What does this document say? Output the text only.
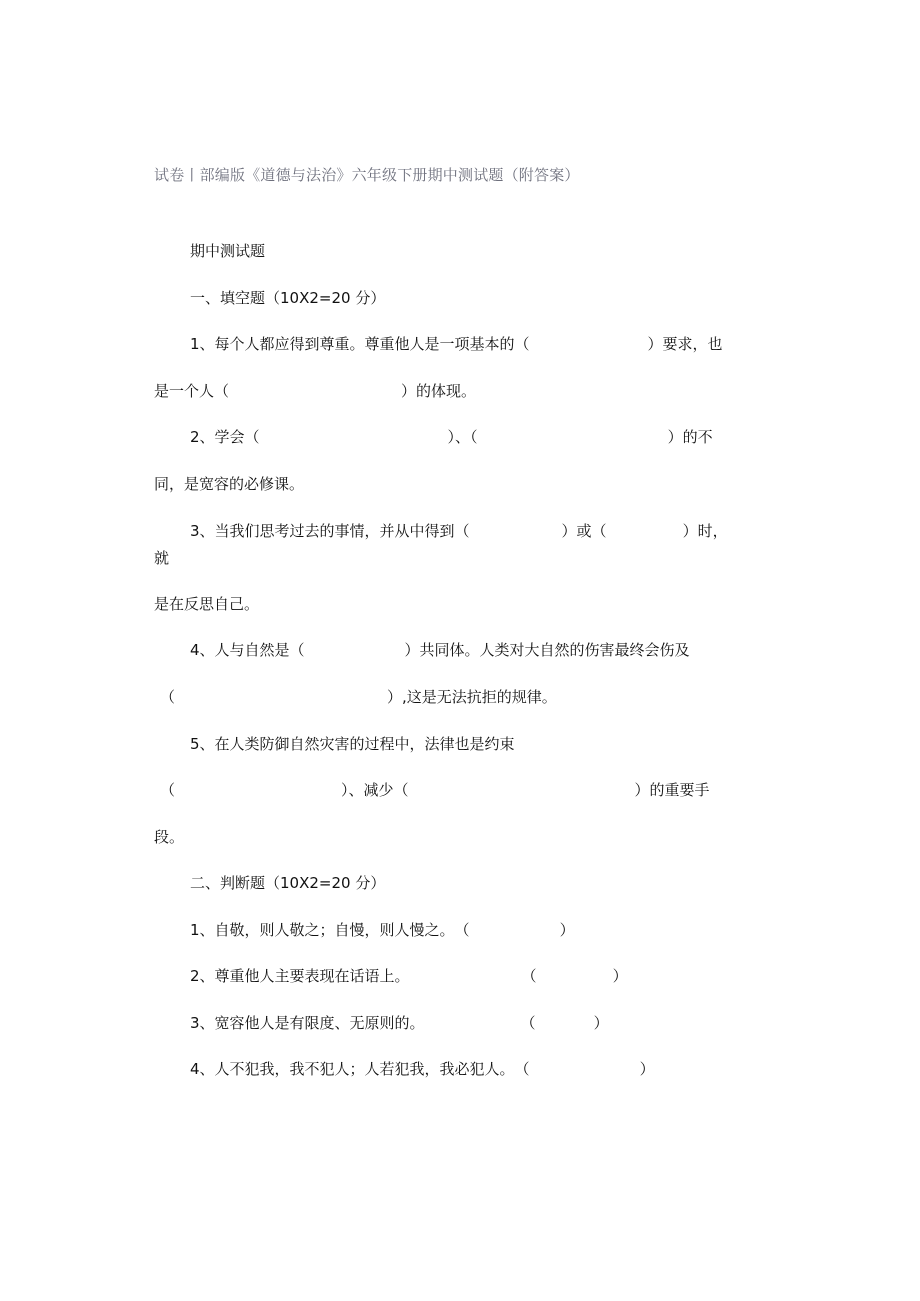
试卷丨部编版《道德与法治》六年级下册期中测试题（附答案）
期中测试题
一、填空题（10X2=20 分）
1、每个人都应得到尊重。尊重他人是一项基本的（	）要求，也
是一个人（	）的体现。
2、学会（	）、（	）的不
同，是宽容的必修课。
3、当我们思考过去的事情，并从中得到（	）或（	）时，
就
是在反思自己。
4、人与自然是（	）共同体。人类对大自然的伤害最终会伤及
（	）,这是无法抗拒的规律。
5、在人类防御自然灾害的过程中，法律也是约束
（	）、减少（	）的重要手
段。
二、判断题（10X2=20 分）
1、自敬，则人敬之；自慢，则人慢之。（	）
2、尊重他人主要表现在话语上。	（	）
3、宽容他人是有限度、无原则的。	（	）
4、人不犯我，我不犯人；人若犯我，我必犯人。（	）
